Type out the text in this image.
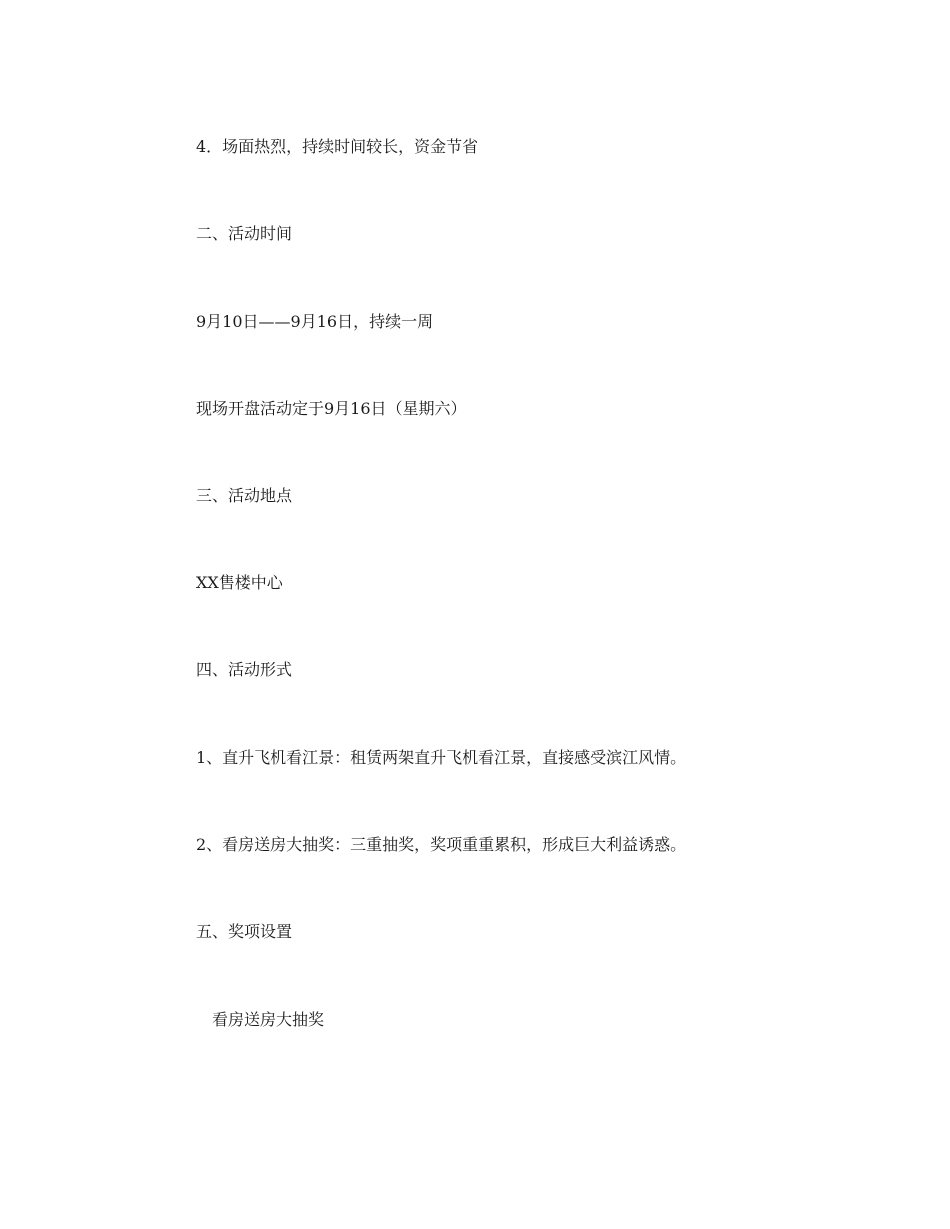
4．场面热烈，持续时间较长，资金节省
二、活动时间
9月10日——9月16日，持续一周
现场开盘活动定于9月16日（星期六）
三、活动地点
XX售楼中心
四、活动形式
1、直升飞机看江景：租赁两架直升飞机看江景，直接感受滨江风情。
2、看房送房大抽奖：三重抽奖，奖项重重累积，形成巨大利益诱惑。
五、奖项设置
看房送房大抽奖
